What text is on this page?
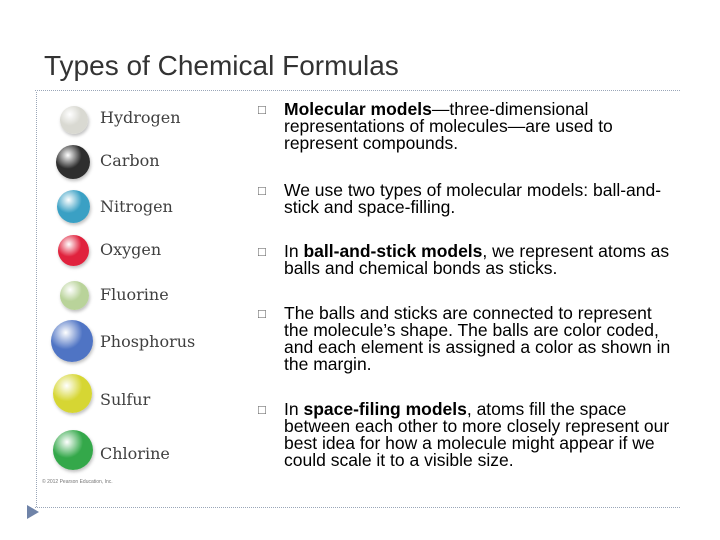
Types of Chemical Formulas
Hydrogen
Carbon
Nitrogen
Oxygen
Fluorine
Phosphorus
Sulfur
Chlorine
© 2012 Pearson Education, Inc.
□
Molecular models—three-dimensional representations of molecules—are used to represent compounds.
□
We use two types of molecular models: ball-and-stick and space-filling.
□
In ball-and-stick models, we represent atoms as balls and chemical bonds as sticks.
□
The balls and sticks are connected to represent the molecule’s shape. The balls are color coded, and each element is assigned a color as shown in the margin.
□
In space-filing models, atoms fill the space between each other to more closely represent our best idea for how a molecule might appear if we could scale it to a visible size.
